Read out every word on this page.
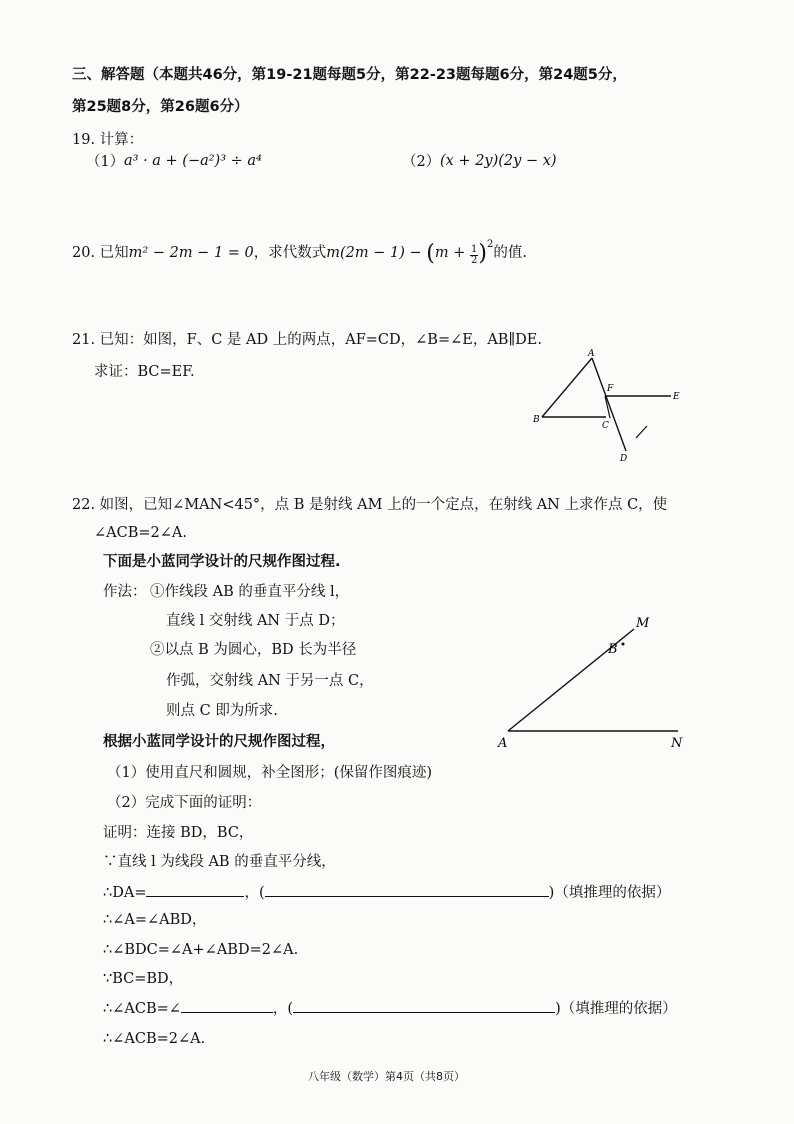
三、解答题（本题共46分，第19-21题每题5分，第22-23题每题6分，第24题5分，
第25题8分，第26题6分）
19. 计算：
（1） a³ · a + (−a²)³ ÷ a⁴	（2） (x + 2y)(2y − x)
20. 已知m² − 2m − 1 = 0，求代数式$m(2m - 1) - (m + \frac{1}{2} )^2$的值.
21. 已知：如图，F、C 是 AD 上的两点，AF=CD，∠B=∠E，AB∥DE.
求证：BC=EF.
A
B
C
D
E
F
22. 如图，已知∠MAN<45°，点 B 是射线 AM 上的一个定点，在射线 AN 上求作点 C，使
∠ACB=2∠A.
下面是小蓝同学设计的尺规作图过程.
作法： ①作线段 AB 的垂直平分线 l，
直线 l 交射线 AN 于点 D；
②以点 B 为圆心，BD 长为半径
作弧，交射线 AN 于另一点 C，
则点 C 即为所求.
根据小蓝同学设计的尺规作图过程，
（1）使用直尺和圆规，补全图形；(保留作图痕迹)
（2）完成下面的证明：
证明：连接 BD，BC，
∵直线 l 为线段 AB 的垂直平分线，
∴DA=	，(	)（填推理的依据）
∴∠A=∠ABD，
∴∠BDC=∠A+∠ABD=2∠A.
∵BC=BD，
∴∠ACB=∠	，(	)（填推理的依据）
∴∠ACB=2∠A.
A	N
B
M
八年级（数学）第4页（共8页）
